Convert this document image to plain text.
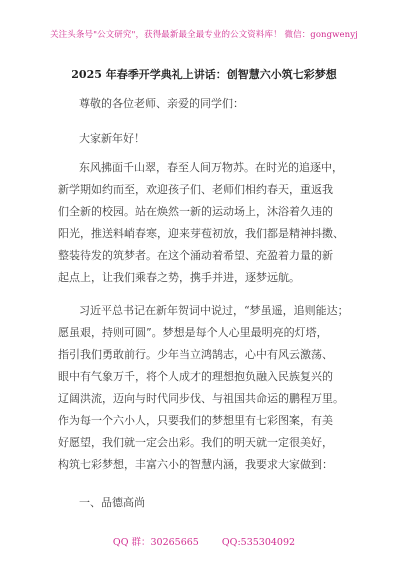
关注头条号"公文研究"，获得最新最全最专业的公文资料库！ 微信：gongwenyj
2025 年春季开学典礼上讲话：创智慧六小筑七彩梦想
尊敬的各位老师、亲爱的同学们：
大家新年好！
东风拂面千山翠，春至人间万物苏。在时光的追逐中，
新学期如约而至，欢迎孩子们、老师们相约春天，重返我
们全新的校园。站在焕然一新的运动场上，沐浴着久违的
阳光，推送料峭春寒，迎来芽苞初放，我们都是精神抖擞、
整装待发的筑梦者。在这个涌动着希望、充盈着力量的新
起点上，让我们乘春之势，携手并进，逐梦远航。
习近平总书记在新年贺词中说过，“梦虽遥，追则能达；
愿虽艰，持则可圆”。梦想是每个人心里最明亮的灯塔，
指引我们勇敢前行。少年当立鸿鹄志，心中有风云激荡、
眼中有气象万千，将个人成才的理想抱负融入民族复兴的
辽阔洪流，迈向与时代同步伐、与祖国共命运的鹏程万里。
作为每一个六小人，只要我们的梦想里有七彩图案，有美
好愿望，我们就一定会出彩。我们的明天就一定很美好，
构筑七彩梦想，丰富六小的智慧内涵，我要求大家做到：
一、品德高尚
QQ 群：30265665 QQ:535304092
